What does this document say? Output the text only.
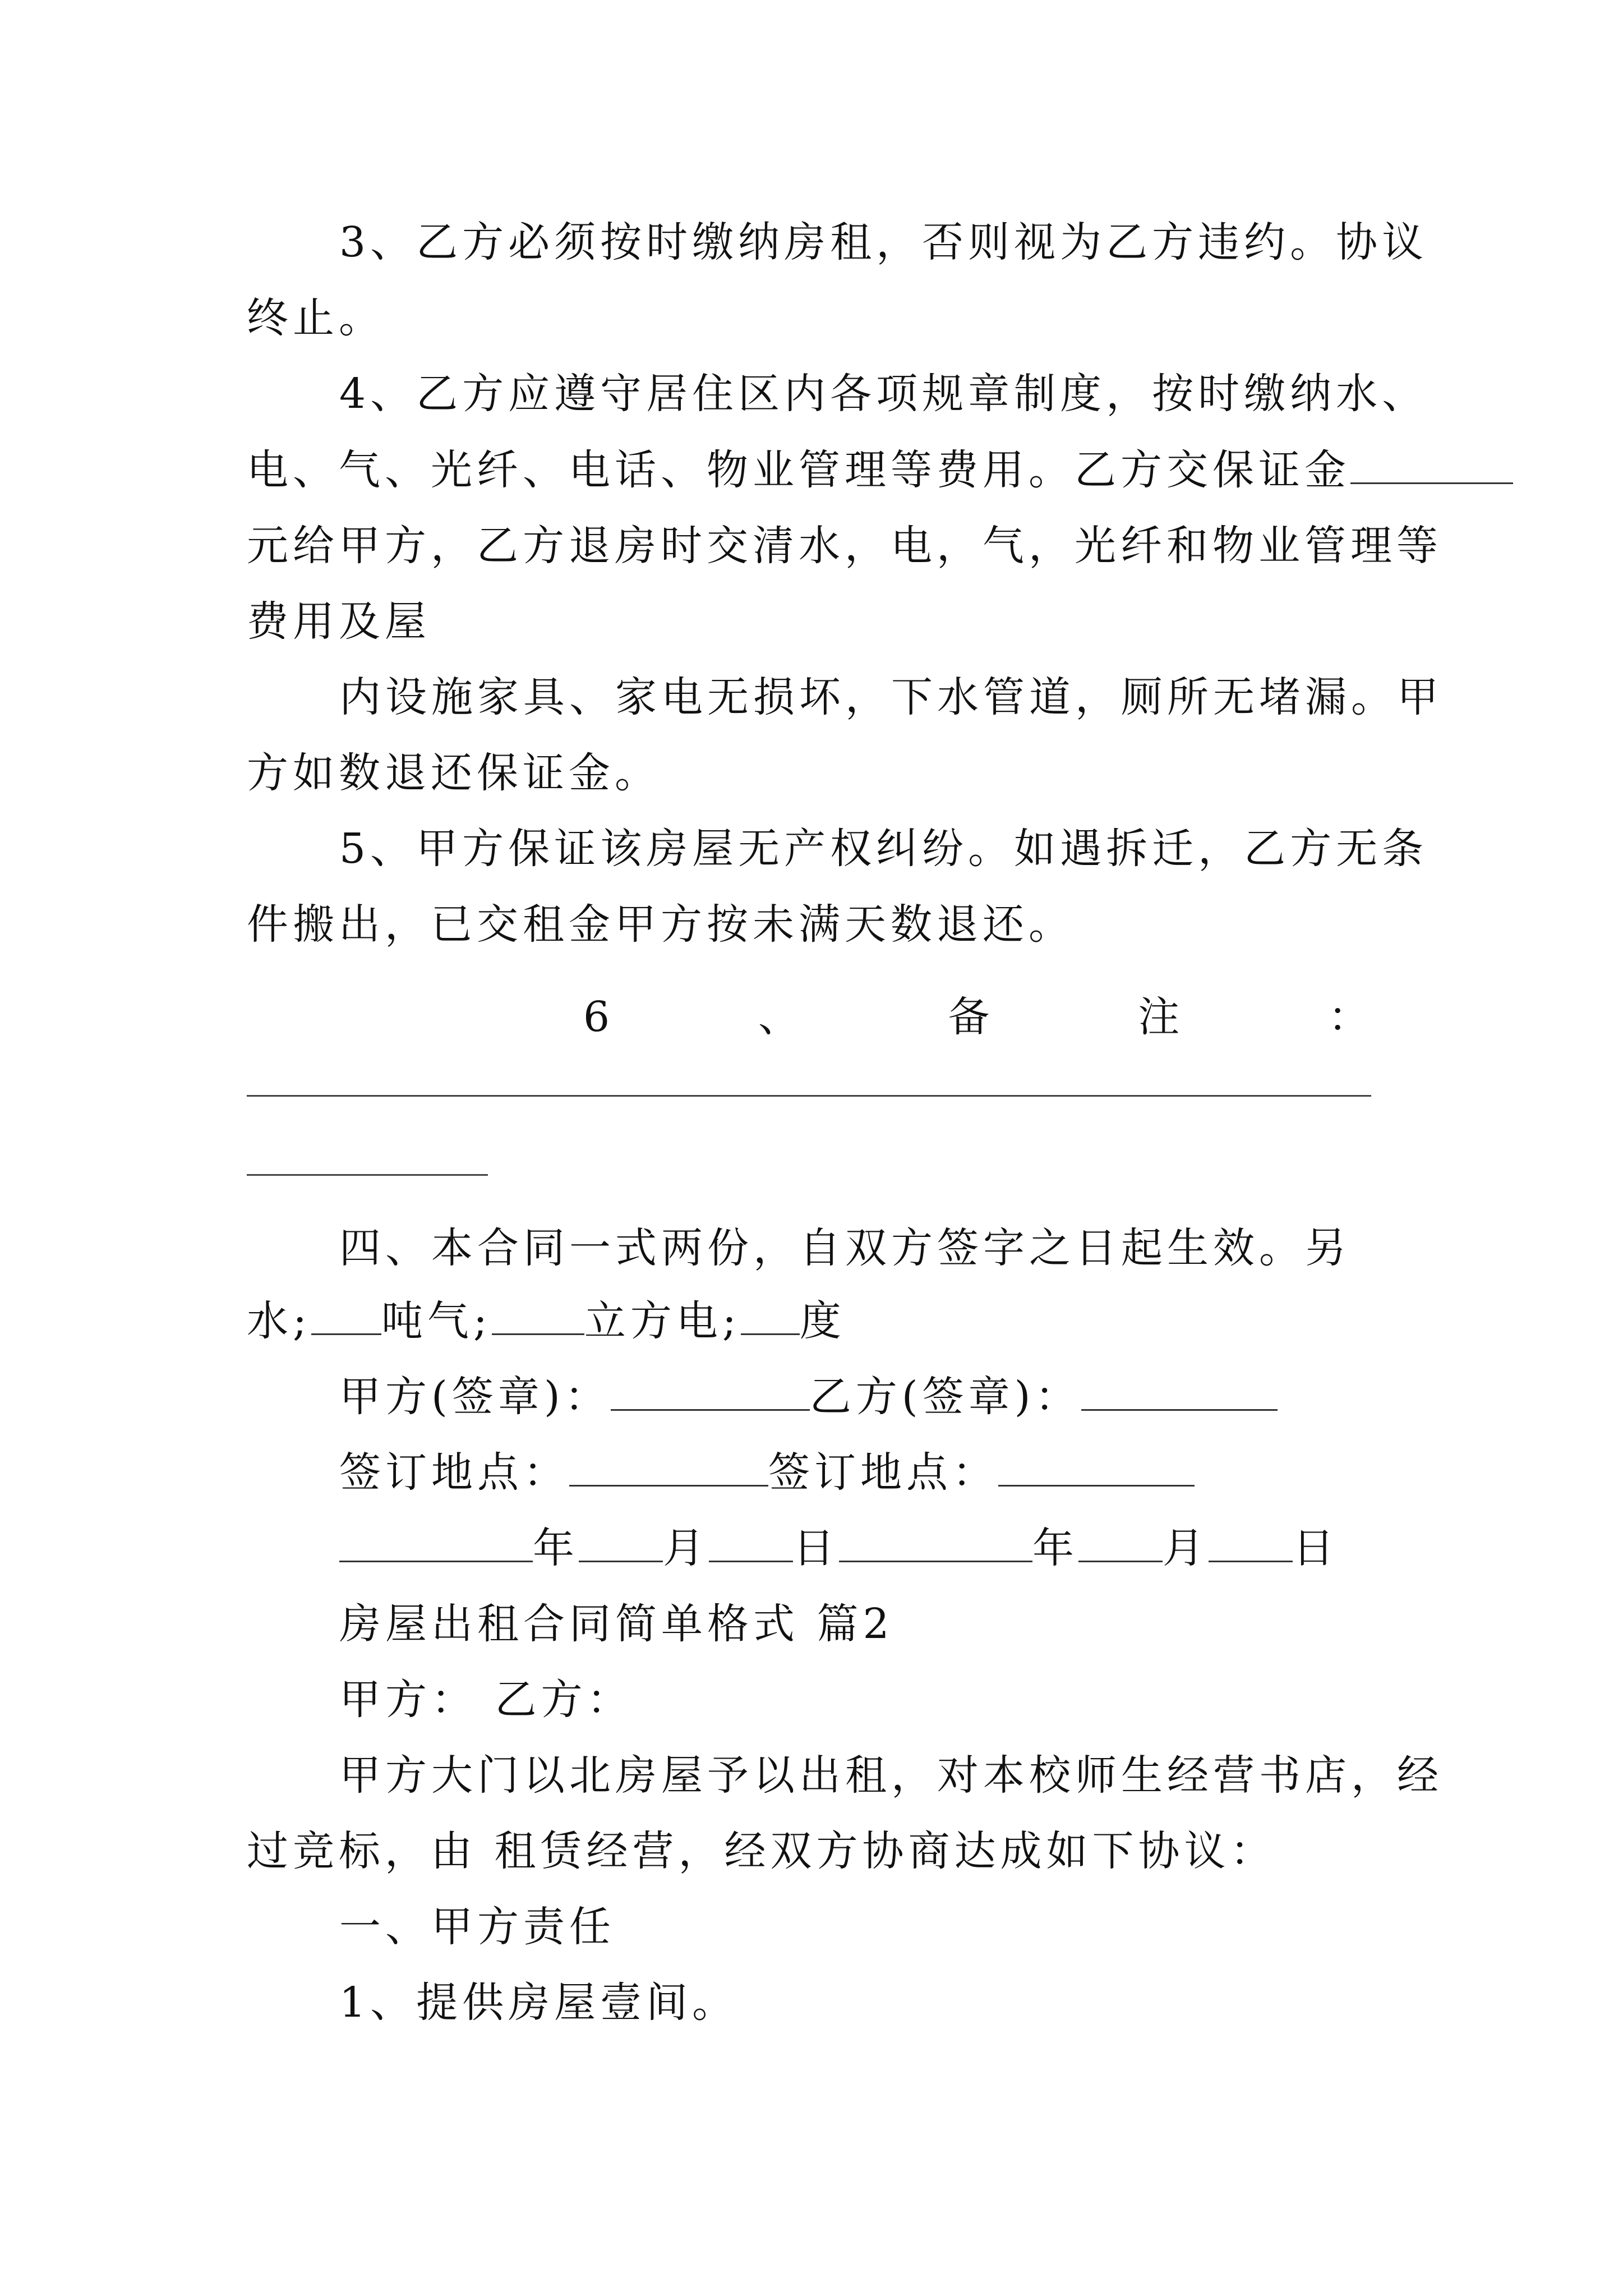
3、乙方必须按时缴纳房租，否则视为乙方违约。协议
终止。
4、乙方应遵守居住区内各项规章制度，按时缴纳水、
电、气、光纤、电话、物业管理等费用。乙方交保证金
元给甲方，乙方退房时交清水，电，气，光纤和物业管理等
费用及屋
内设施家具、家电无损坏，下水管道，厕所无堵漏。甲
方如数退还保证金。
5、甲方保证该房屋无产权纠纷。如遇拆迁，乙方无条
件搬出，已交租金甲方按未满天数退还。
6	、	备	注	：
四、本合同一式两份，自双方签字之日起生效。另
水; 吨气; 立方电; 度
甲方(签章)：	乙方(签章)：
签订地点：	签订地点：
年 月 日	年 月 日
房屋出租合同简单格式 篇2
甲方： 乙方：
甲方大门以北房屋予以出租，对本校师生经营书店，经
过竞标，由 租赁经营，经双方协商达成如下协议：
一、甲方责任
1、提供房屋壹间。
